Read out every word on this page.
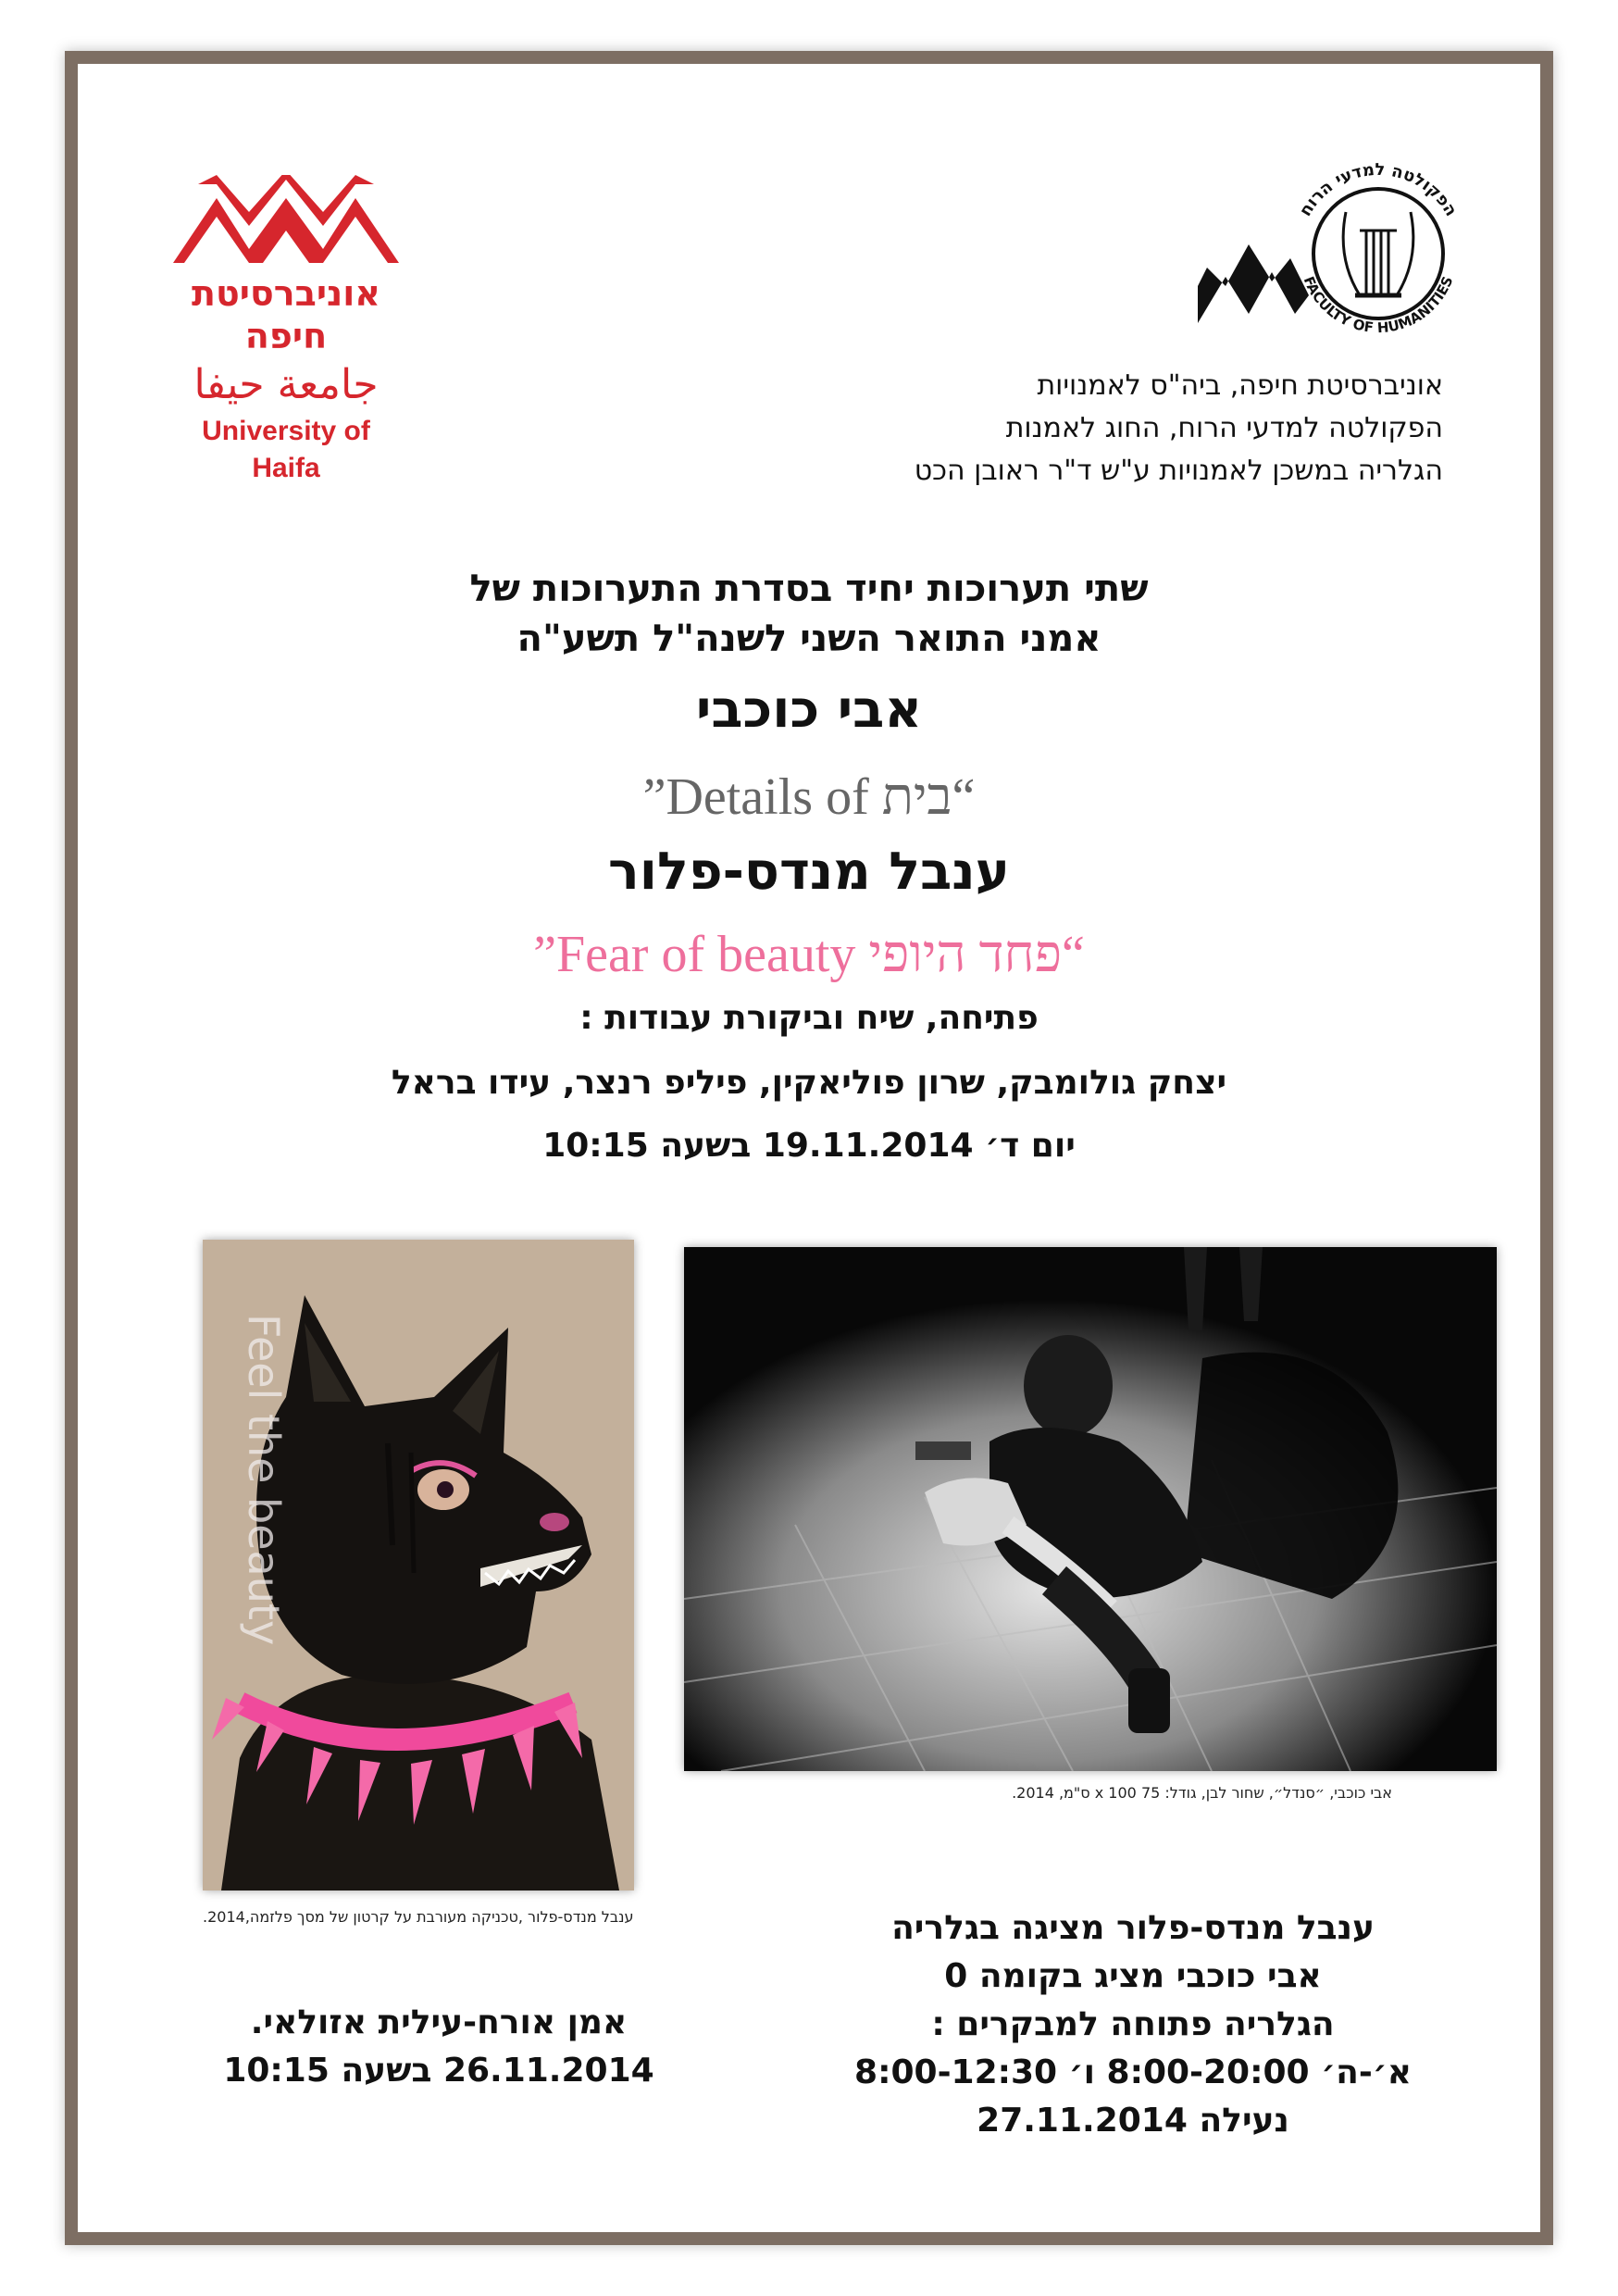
אוניברסיטת חיפה
جامعة حيفا
University of Haifa
הפקולטה למדעי הרוח
FACULTY OF HUMANITIES
אוניברסיטת חיפה, ביה"ס לאמנויות
הפקולטה למדעי הרוח, החוג לאמנות
הגלריה במשכן לאמנויות ע"ש ד"ר ראובן הכט
שתי תערוכות יחיד בסדרת התערוכות של
אמני התואר השני לשנה"ל תשע"ה
אבי כוכבי
”Details of בית“
ענבל מנדס-פלור
”Fear of beauty פחד היופי“
פתיחה, שיח וביקורת עבודות :
יצחק גולומבק, שרון פוליאקין, פיליפ רנצר, עידו בראל
יום ד׳ 19.11.2014 בשעה 10:15
Feel the beauty
אבי כוכבי, ״סנדל״, שחור לבן, גודל: 75 x 100 ס"מ, 2014.
ענבל מנדס-פלור ,טכניקה מעורבת על קרטון של מסך פלזמה,2014.
אמן אורח-עילית אזולאי.
26.11.2014 בשעה 10:15
ענבל מנדס-פלור מציגה בגלריה
אבי כוכבי מציג בקומה 0
הגלריה פתוחה למבקרים :
א׳-ה׳ 8:00-20:00 ו׳ 8:00-12:30
נעילה 27.11.2014
